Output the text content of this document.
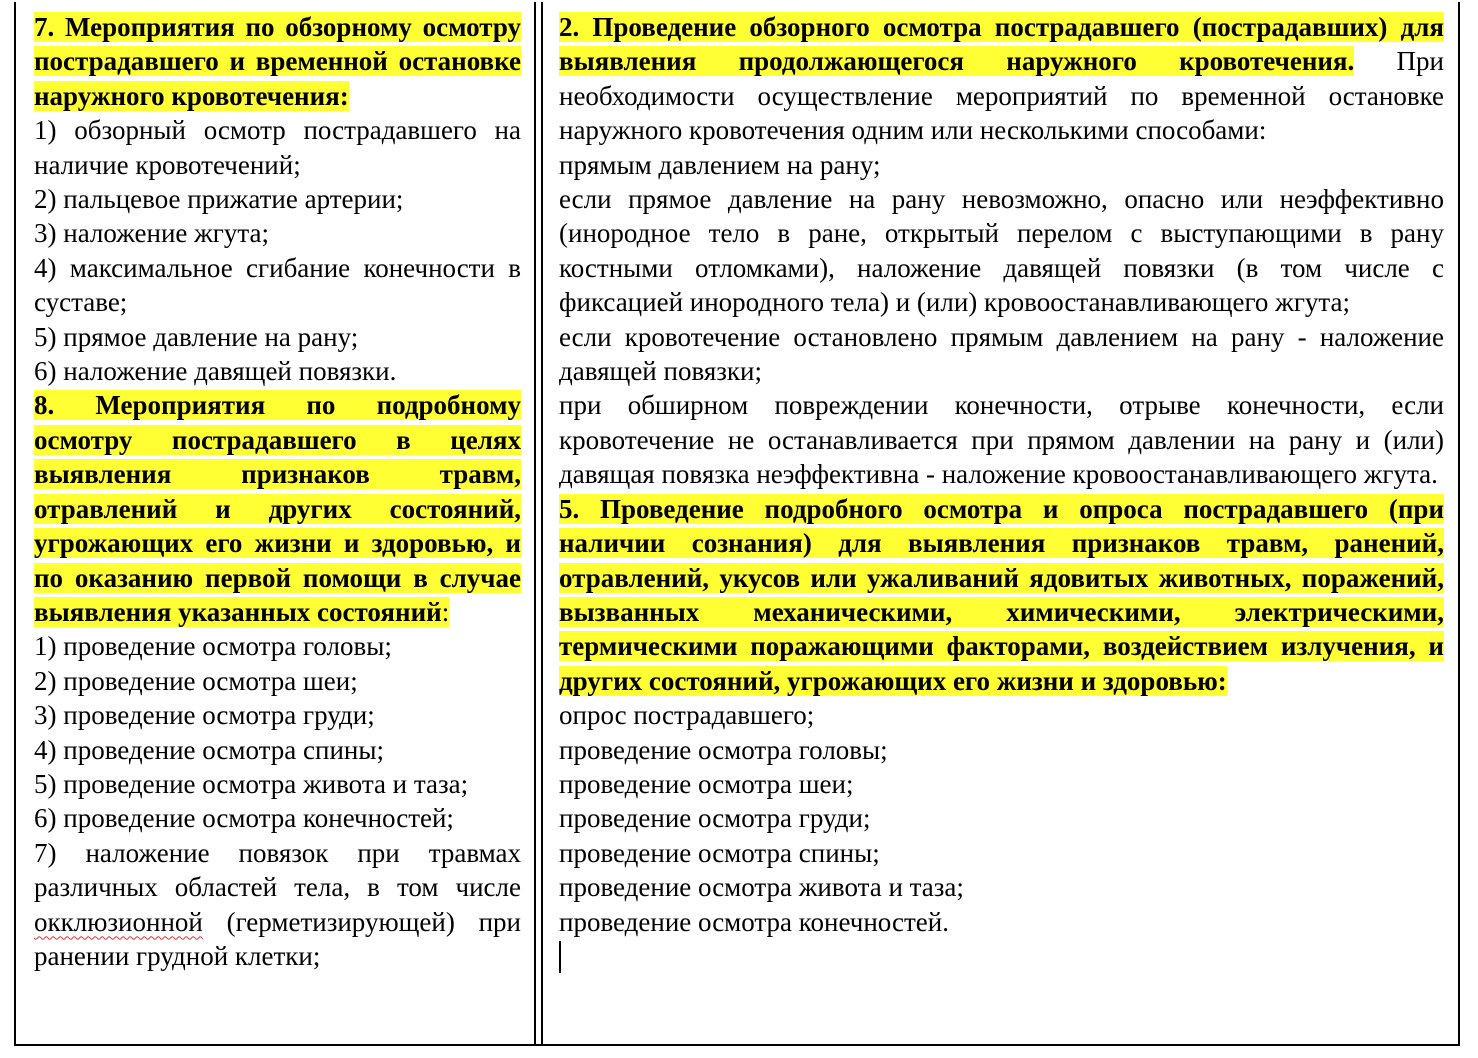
7. Мероприятия по обзорному осмотру пострадавшего и временной остановке наружного кровотечения:

1) обзорный осмотр пострадавшего на наличие кровотечений;

2) пальцевое прижатие артерии;

3) наложение жгута;

4) максимальное сгибание конечности в суставе;

5) прямое давление на рану;

6) наложение давящей повязки.

8. Мероприятия по подробному осмотру пострадавшего в целях выявления признаков травм, отравлений и других состояний, угрожающих его жизни и здоровью, и по оказанию первой помощи в случае выявления указанных состояний:

1) проведение осмотра головы;

2) проведение осмотра шеи;

3) проведение осмотра груди;

4) проведение осмотра спины;

5) проведение осмотра живота и таза;

6) проведение осмотра конечностей;

7) наложение повязок при травмах различных областей тела, в том числе окклюзионной (герметизирующей) при ранении грудной клетки;

2. Проведение обзорного осмотра пострадавшего (пострадавших) для выявления продолжающегося наружного кровотечения. При необходимости осуществление мероприятий по временной остановке наружного кровотечения одним или несколькими способами:

прямым давлением на рану;

если прямое давление на рану невозможно, опасно или неэффективно (инородное тело в ране, открытый перелом с выступающими в рану костными отломками), наложение давящей повязки (в том числе с фиксацией инородного тела) и (или) кровоостанавливающего жгута;

если кровотечение остановлено прямым давлением на рану - наложение давящей повязки;

при обширном повреждении конечности, отрыве конечности, если кровотечение не останавливается при прямом давлении на рану и (или) давящая повязка неэффективна - наложение кровоостанавливающего жгута.

5. Проведение подробного осмотра и опроса пострадавшего (при наличии сознания) для выявления признаков травм, ранений, отравлений, укусов или ужаливаний ядовитых животных, поражений, вызванных механическими, химическими, электрическими, термическими поражающими факторами, воздействием излучения, и других состояний, угрожающих его жизни и здоровью:

опрос пострадавшего;

проведение осмотра головы;

проведение осмотра шеи;

проведение осмотра груди;

проведение осмотра спины;

проведение осмотра живота и таза;

проведение осмотра конечностей.
